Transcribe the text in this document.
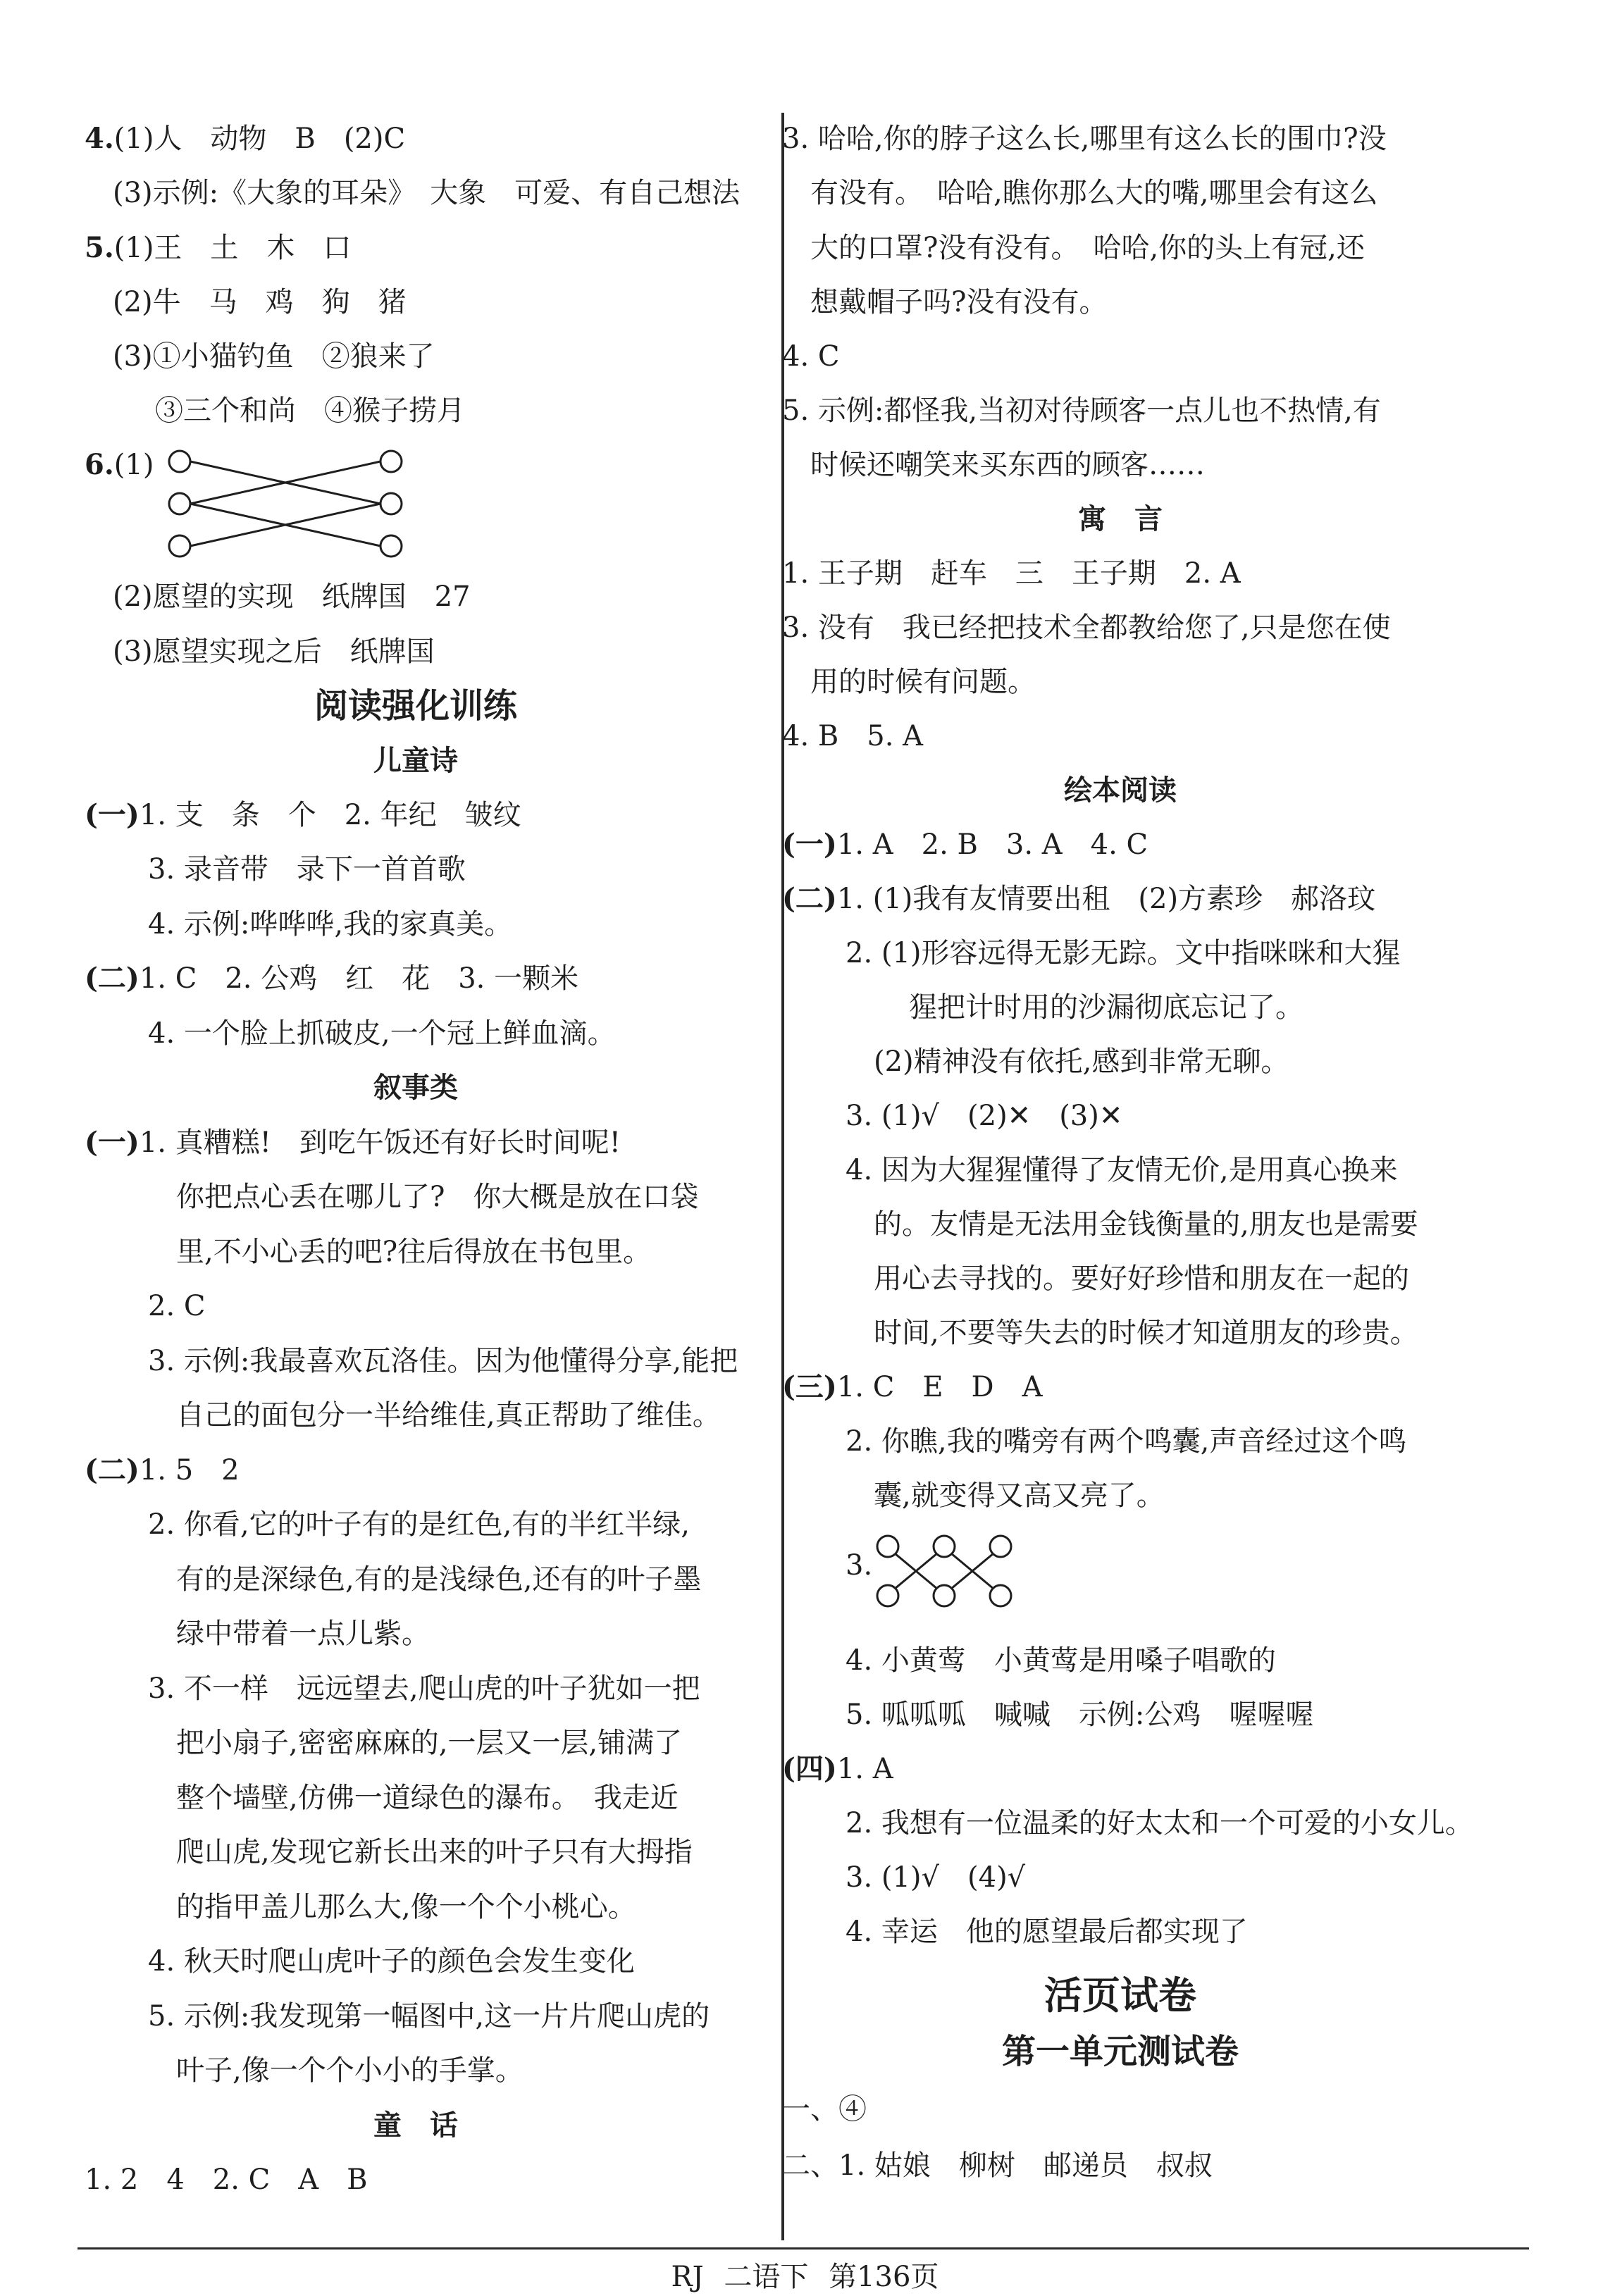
4.(1)人　动物　B　(2)C
(3)示例:《大象的耳朵》　大象　可爱、有自己想法
5.(1)王　土　木　口
(2)牛　马　鸡　狗　猪
(3)①小猫钓鱼　②狼来了
③三个和尚　④猴子捞月
6.(1)
(2)愿望的实现　纸牌国　27
(3)愿望实现之后　纸牌国
阅读强化训练
儿童诗
(一)1. 支　条　个　2. 年纪　皱纹
3. 录音带　录下一首首歌
4. 示例:哗哗哗,我的家真美。
(二)1. C　2. 公鸡　红　花　3. 一颗米
4. 一个脸上抓破皮,一个冠上鲜血滴。
叙事类
(一)1. 真糟糕!　到吃午饭还有好长时间呢!
你把点心丢在哪儿了?　你大概是放在口袋
里,不小心丢的吧?往后得放在书包里。
2. C
3. 示例:我最喜欢瓦洛佳。因为他懂得分享,能把
自己的面包分一半给维佳,真正帮助了维佳。
(二)1. 5　2
2. 你看,它的叶子有的是红色,有的半红半绿,
有的是深绿色,有的是浅绿色,还有的叶子墨
绿中带着一点儿紫。
3. 不一样　远远望去,爬山虎的叶子犹如一把
把小扇子,密密麻麻的,一层又一层,铺满了
整个墙壁,仿佛一道绿色的瀑布。　我走近
爬山虎,发现它新长出来的叶子只有大拇指
的指甲盖儿那么大,像一个个小桃心。
4. 秋天时爬山虎叶子的颜色会发生变化
5. 示例:我发现第一幅图中,这一片片爬山虎的
叶子,像一个个小小的手掌。
童　话
1. 2　4　2. C　A　B
3. 哈哈,你的脖子这么长,哪里有这么长的围巾?没
有没有。　哈哈,瞧你那么大的嘴,哪里会有这么
大的口罩?没有没有。　哈哈,你的头上有冠,还
想戴帽子吗?没有没有。
4. C
5. 示例:都怪我,当初对待顾客一点儿也不热情,有
时候还嘲笑来买东西的顾客……
寓　言
1. 王子期　赶车　三　王子期　2. A
3. 没有　我已经把技术全都教给您了,只是您在使
用的时候有问题。
4. B　5. A
绘本阅读
(一)1. A　2. B　3. A　4. C
(二)1. (1)我有友情要出租　(2)方素珍　郝洛玟
2. (1)形容远得无影无踪。文中指咪咪和大猩
猩把计时用的沙漏彻底忘记了。
(2)精神没有依托,感到非常无聊。
3. (1)√　(2)✕　(3)✕
4. 因为大猩猩懂得了友情无价,是用真心换来
的。友情是无法用金钱衡量的,朋友也是需要
用心去寻找的。要好好珍惜和朋友在一起的
时间,不要等失去的时候才知道朋友的珍贵。
(三)1. C　E　D　A
2. 你瞧,我的嘴旁有两个鸣囊,声音经过这个鸣
囊,就变得又高又亮了。
3.
4. 小黄莺　小黄莺是用嗓子唱歌的
5. 呱呱呱　喊喊　示例:公鸡　喔喔喔
(四)1. A
2. 我想有一位温柔的好太太和一个可爱的小女儿。
3. (1)√　(4)√
4. 幸运　他的愿望最后都实现了
活页试卷
第一单元测试卷
一、④
二、1. 姑娘　柳树　邮递员　叔叔
RJ 二语下 第136页
